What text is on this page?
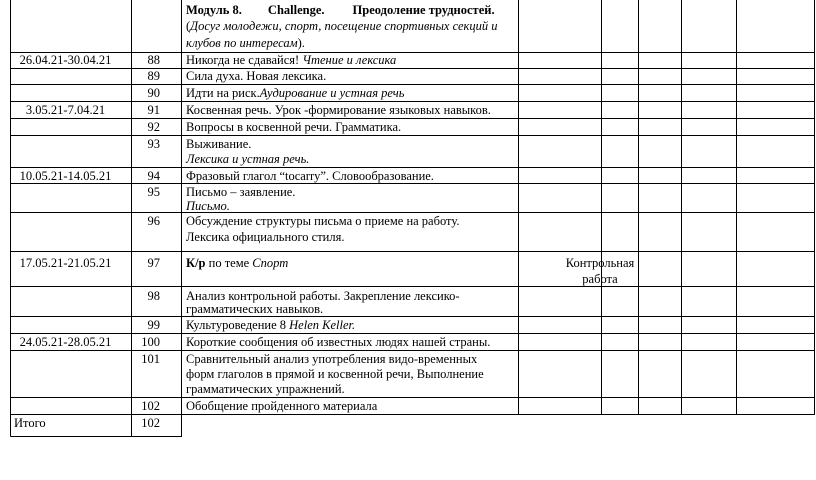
Модуль 8. Challenge. Преодоление трудностей.
(Досуг молодежи, спорт, посещение спортивных секций и
клубов по интересам).
26.04.21-30.04.21	88 Никогда не сдавайся! Чтение и лексика
89 Сила духа. Новая лексика.
90 Идти на риск.Аудирование и устная речь
3.05.21-7.04.21	91 Косвенная речь. Урок -формирование языковых навыков.
92 Вопросы в косвенной речи. Грамматика.
93 Выживание.
Лексика и устная речь.
10.05.21-14.05.21	94 Фразовый глагол “tocarry”. Словообразование.
95 Письмо – заявление.
Письмо.
96 Обсуждение структуры письма о приеме на работу.
Лексика официального стиля.
17.05.21-21.05.21	97 К/р по теме Спорт	Контрольная
работа
98 Анализ контрольной работы. Закрепление лексико-
грамматических навыков.
99 Культуроведение 8 Helen Keller.
24.05.21-28.05.21	100 Короткие сообщения об известных людях нашей страны.
101 Сравнительный анализ употребления видо-временных
форм глаголов в прямой и косвенной речи, Выполнение
грамматических упражнений.
102 Обобщение пройденного материала
Итого	102
